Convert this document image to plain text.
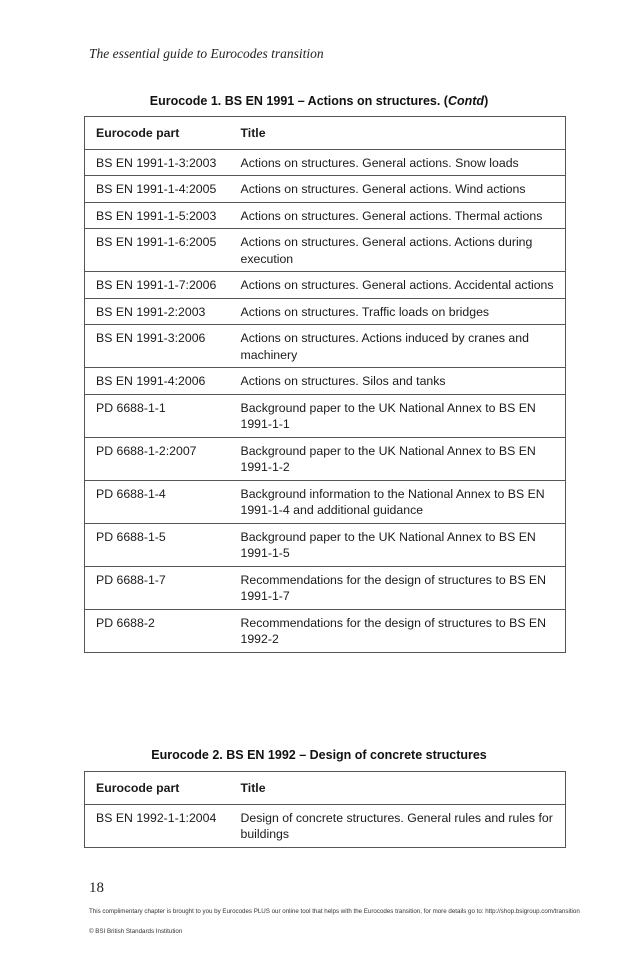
The essential guide to Eurocodes transition
Eurocode 1. BS EN 1991 – Actions on structures. (Contd)
Eurocode part	Title
BS EN 1991-1-3:2003	Actions on structures. General actions. Snow loads
BS EN 1991-1-4:2005	Actions on structures. General actions. Wind actions
BS EN 1991-1-5:2003	Actions on structures. General actions. Thermal actions
BS EN 1991-1-6:2005	Actions on structures. General actions. Actions during execution
BS EN 1991-1-7:2006	Actions on structures. General actions. Accidental actions
BS EN 1991-2:2003	Actions on structures. Traffic loads on bridges
BS EN 1991-3:2006	Actions on structures. Actions induced by cranes and machinery
BS EN 1991-4:2006	Actions on structures. Silos and tanks
PD 6688-1-1	Background paper to the UK National Annex to BS EN 1991-1-1
PD 6688-1-2:2007	Background paper to the UK National Annex to BS EN 1991-1-2
PD 6688-1-4	Background information to the National Annex to BS EN 1991-1-4 and additional guidance
PD 6688-1-5	Background paper to the UK National Annex to BS EN 1991-1-5
PD 6688-1-7	Recommendations for the design of structures to BS EN 1991-1-7
PD 6688-2	Recommendations for the design of structures to BS EN 1992-2
Eurocode 2. BS EN 1992 – Design of concrete structures
Eurocode part	Title
BS EN 1992-1-1:2004	Design of concrete structures. General rules and rules for buildings
18
This complimentary chapter is brought to you by Eurocodes PLUS our online tool that helps with the Eurocodes transition, for more details go to: http://shop.bsigroup.com/transition
© BSI British Standards Institution
